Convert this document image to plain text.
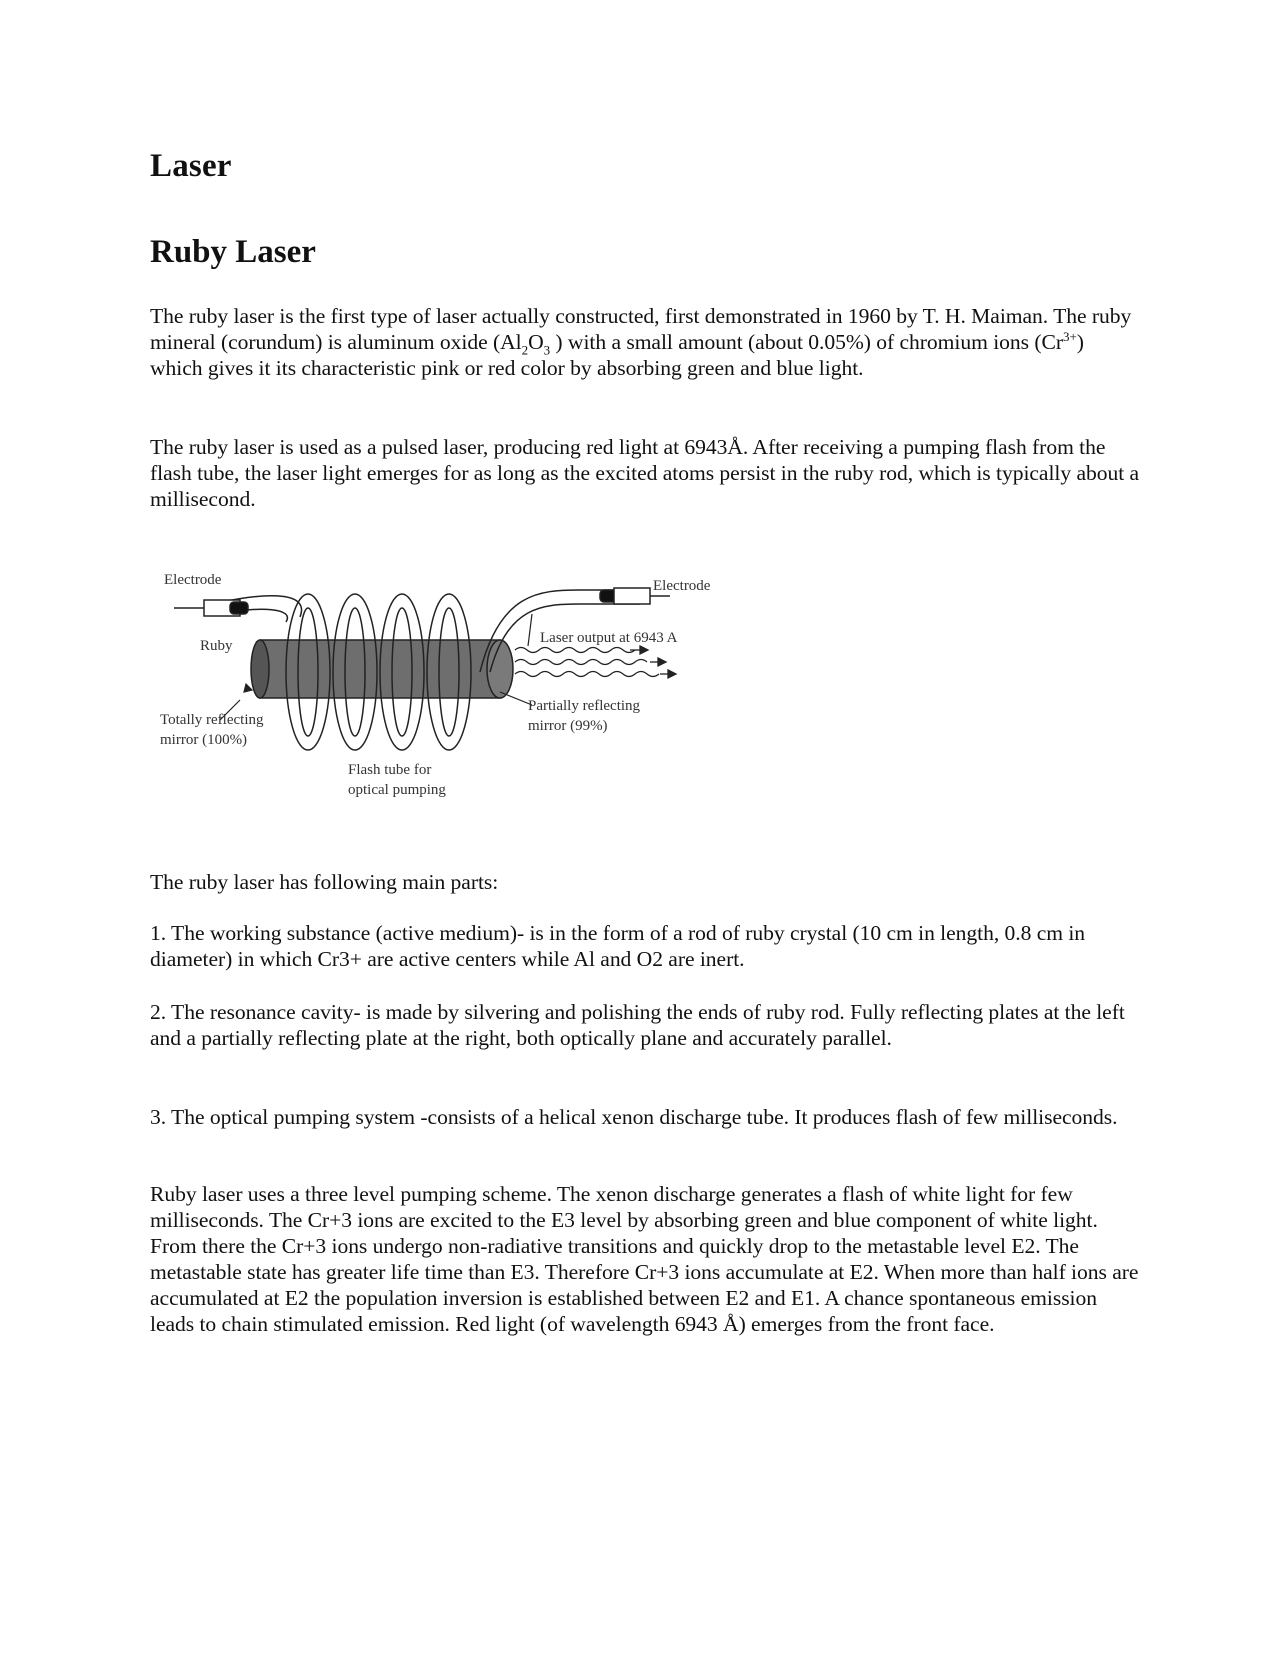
Laser
Ruby Laser

The ruby laser is the first type of laser actually constructed, first demonstrated in 1960 by T. H. Maiman. The ruby mineral (corundum) is aluminum oxide ($Al_2O_3$ ) with a small amount (about 0.05%) of chromium ions $(Cr^{3+})$ which gives it its characteristic pink or red color by absorbing green and blue light.

The ruby laser is used as a pulsed laser, producing red light at 6943Å. After receiving a pumping flash from the flash tube, the laser light emerges for as long as the excited atoms persist in the ruby rod, which is typically about a millisecond.

Electrode	Electrode
Ruby	Laser output at 6943 A
Partially reflecting
mirror (99%)
Totally reflecting
mirror (100%)
Flash tube for
optical pumping

The ruby laser has following main parts:

1. The working substance (active medium)- is in the form of a rod of ruby crystal (10 cm in length, 0.8 cm in diameter) in which Cr3+ are active centers while Al and O2 are inert.

2. The resonance cavity- is made by silvering and polishing the ends of ruby rod. Fully reflecting plates at the left and a partially reflecting plate at the right, both optically plane and accurately parallel.

3. The optical pumping system -consists of a helical xenon discharge tube. It produces flash of few milliseconds.

Ruby laser uses a three level pumping scheme. The xenon discharge generates a flash of white light for few milliseconds. The Cr+3 ions are excited to the E3 level by absorbing green and blue component of white light. From there the Cr+3 ions undergo non-radiative transitions and quickly drop to the metastable level E2. The metastable state has greater life time than E3. Therefore Cr+3 ions accumulate at E2. When more than half ions are accumulated at E2 the population inversion is established between E2 and E1. A chance spontaneous emission leads to chain stimulated emission. Red light (of wavelength 6943 Å) emerges from the front face.
